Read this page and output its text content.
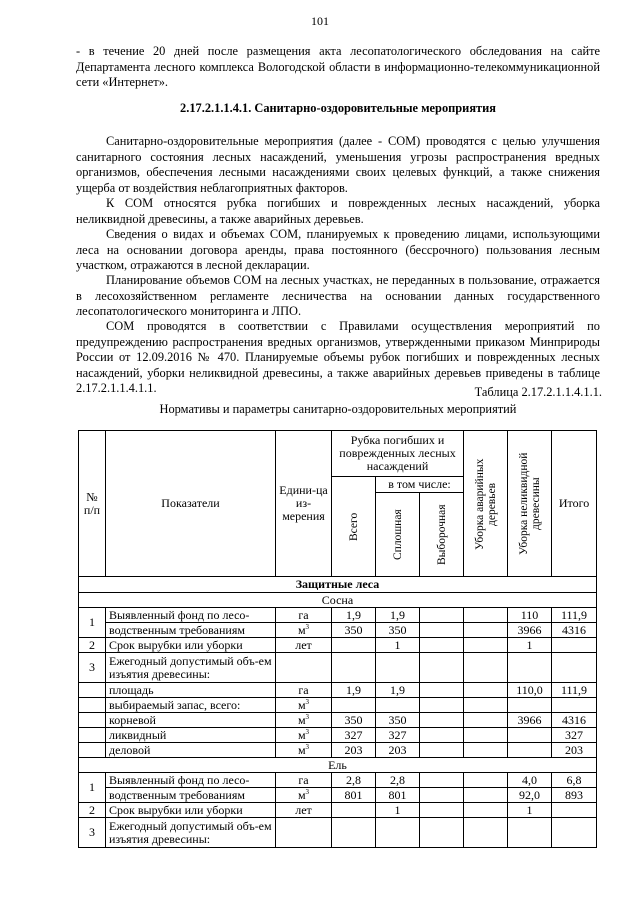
101

- в течение 20 дней после размещения акта лесопатологического обследования на сайте Департамента лесного комплекса Вологодской области в информационно-телекоммуникационной сети «Интернет».

2.17.2.1.1.4.1. Санитарно-оздоровительные мероприятия

Санитарно-оздоровительные мероприятия (далее - СОМ) проводятся с целью улучшения санитарного состояния лесных насаждений, уменьшения угрозы распространения вредных организмов, обеспечения лесными насаждениями своих целевых функций, а также снижения ущерба от воздействия неблагоприятных факторов.

К СОМ относятся рубка погибших и поврежденных лесных насаждений, уборка неликвидной древесины, а также аварийных деревьев.

Сведения о видах и объемах СОМ, планируемых к проведению лицами, использующими леса на основании договора аренды, права постоянного (бессрочного) пользования лесным участком, отражаются в лесной декларации.

Планирование объемов СОМ на лесных участках, не переданных в пользование, отражается в лесохозяйственном регламенте лесничества на основании данных государственного лесопатологического мониторинга и ЛПО.

СОМ проводятся в соответствии с Правилами осуществления мероприятий по предупреждению распространения вредных организмов, утвержденными приказом Минприроды России от 12.09.2016 № 470. Планируемые объемы рубок погибших и поврежденных лесных насаждений, уборки неликвидной древесины, а также аварийных деревьев приведены в таблице 2.17.2.1.1.4.1.1.	Таблица 2.17.2.1.1.4.1.1.
Нормативы и параметры санитарно-оздоровительных мероприятий
№ п/п	Показатели	Едини-ца из-мерения	Рубка погибших и поврежденных лесных насаждений			Уборка аварийных деревьев	Уборка неликвидной древесины	Итого

			Всего	в том числе:				

				Сплошная	Выборочная			

Защитные леса								
Сосна								
1	Выявленный фонд по лесо-	га	1,9	1,9			110	111,9
	водственным требованиям	$м^3$	350	350			3966	4316
2	Срок вырубки или уборки	лет		1			1	
3	Ежегодный допустимый объ-ем изъятия древесины:							
	площадь	га	1,9	1,9			110,0	111,9
	выбираемый запас, всего:	$м^3$						
	корневой	$м^3$	350	350			3966	4316
	ликвидный	$м^3$	327	327				327
	деловой	$м^3$	203	203				203
Ель								
1	Выявленный фонд по лесо-	га	2,8	2,8			4,0	6,8
	водственным требованиям	$м^3$	801	801			92,0	893
2	Срок вырубки или уборки	лет		1			1	
3	Ежегодный допустимый объ-ем изъятия древесины:							
